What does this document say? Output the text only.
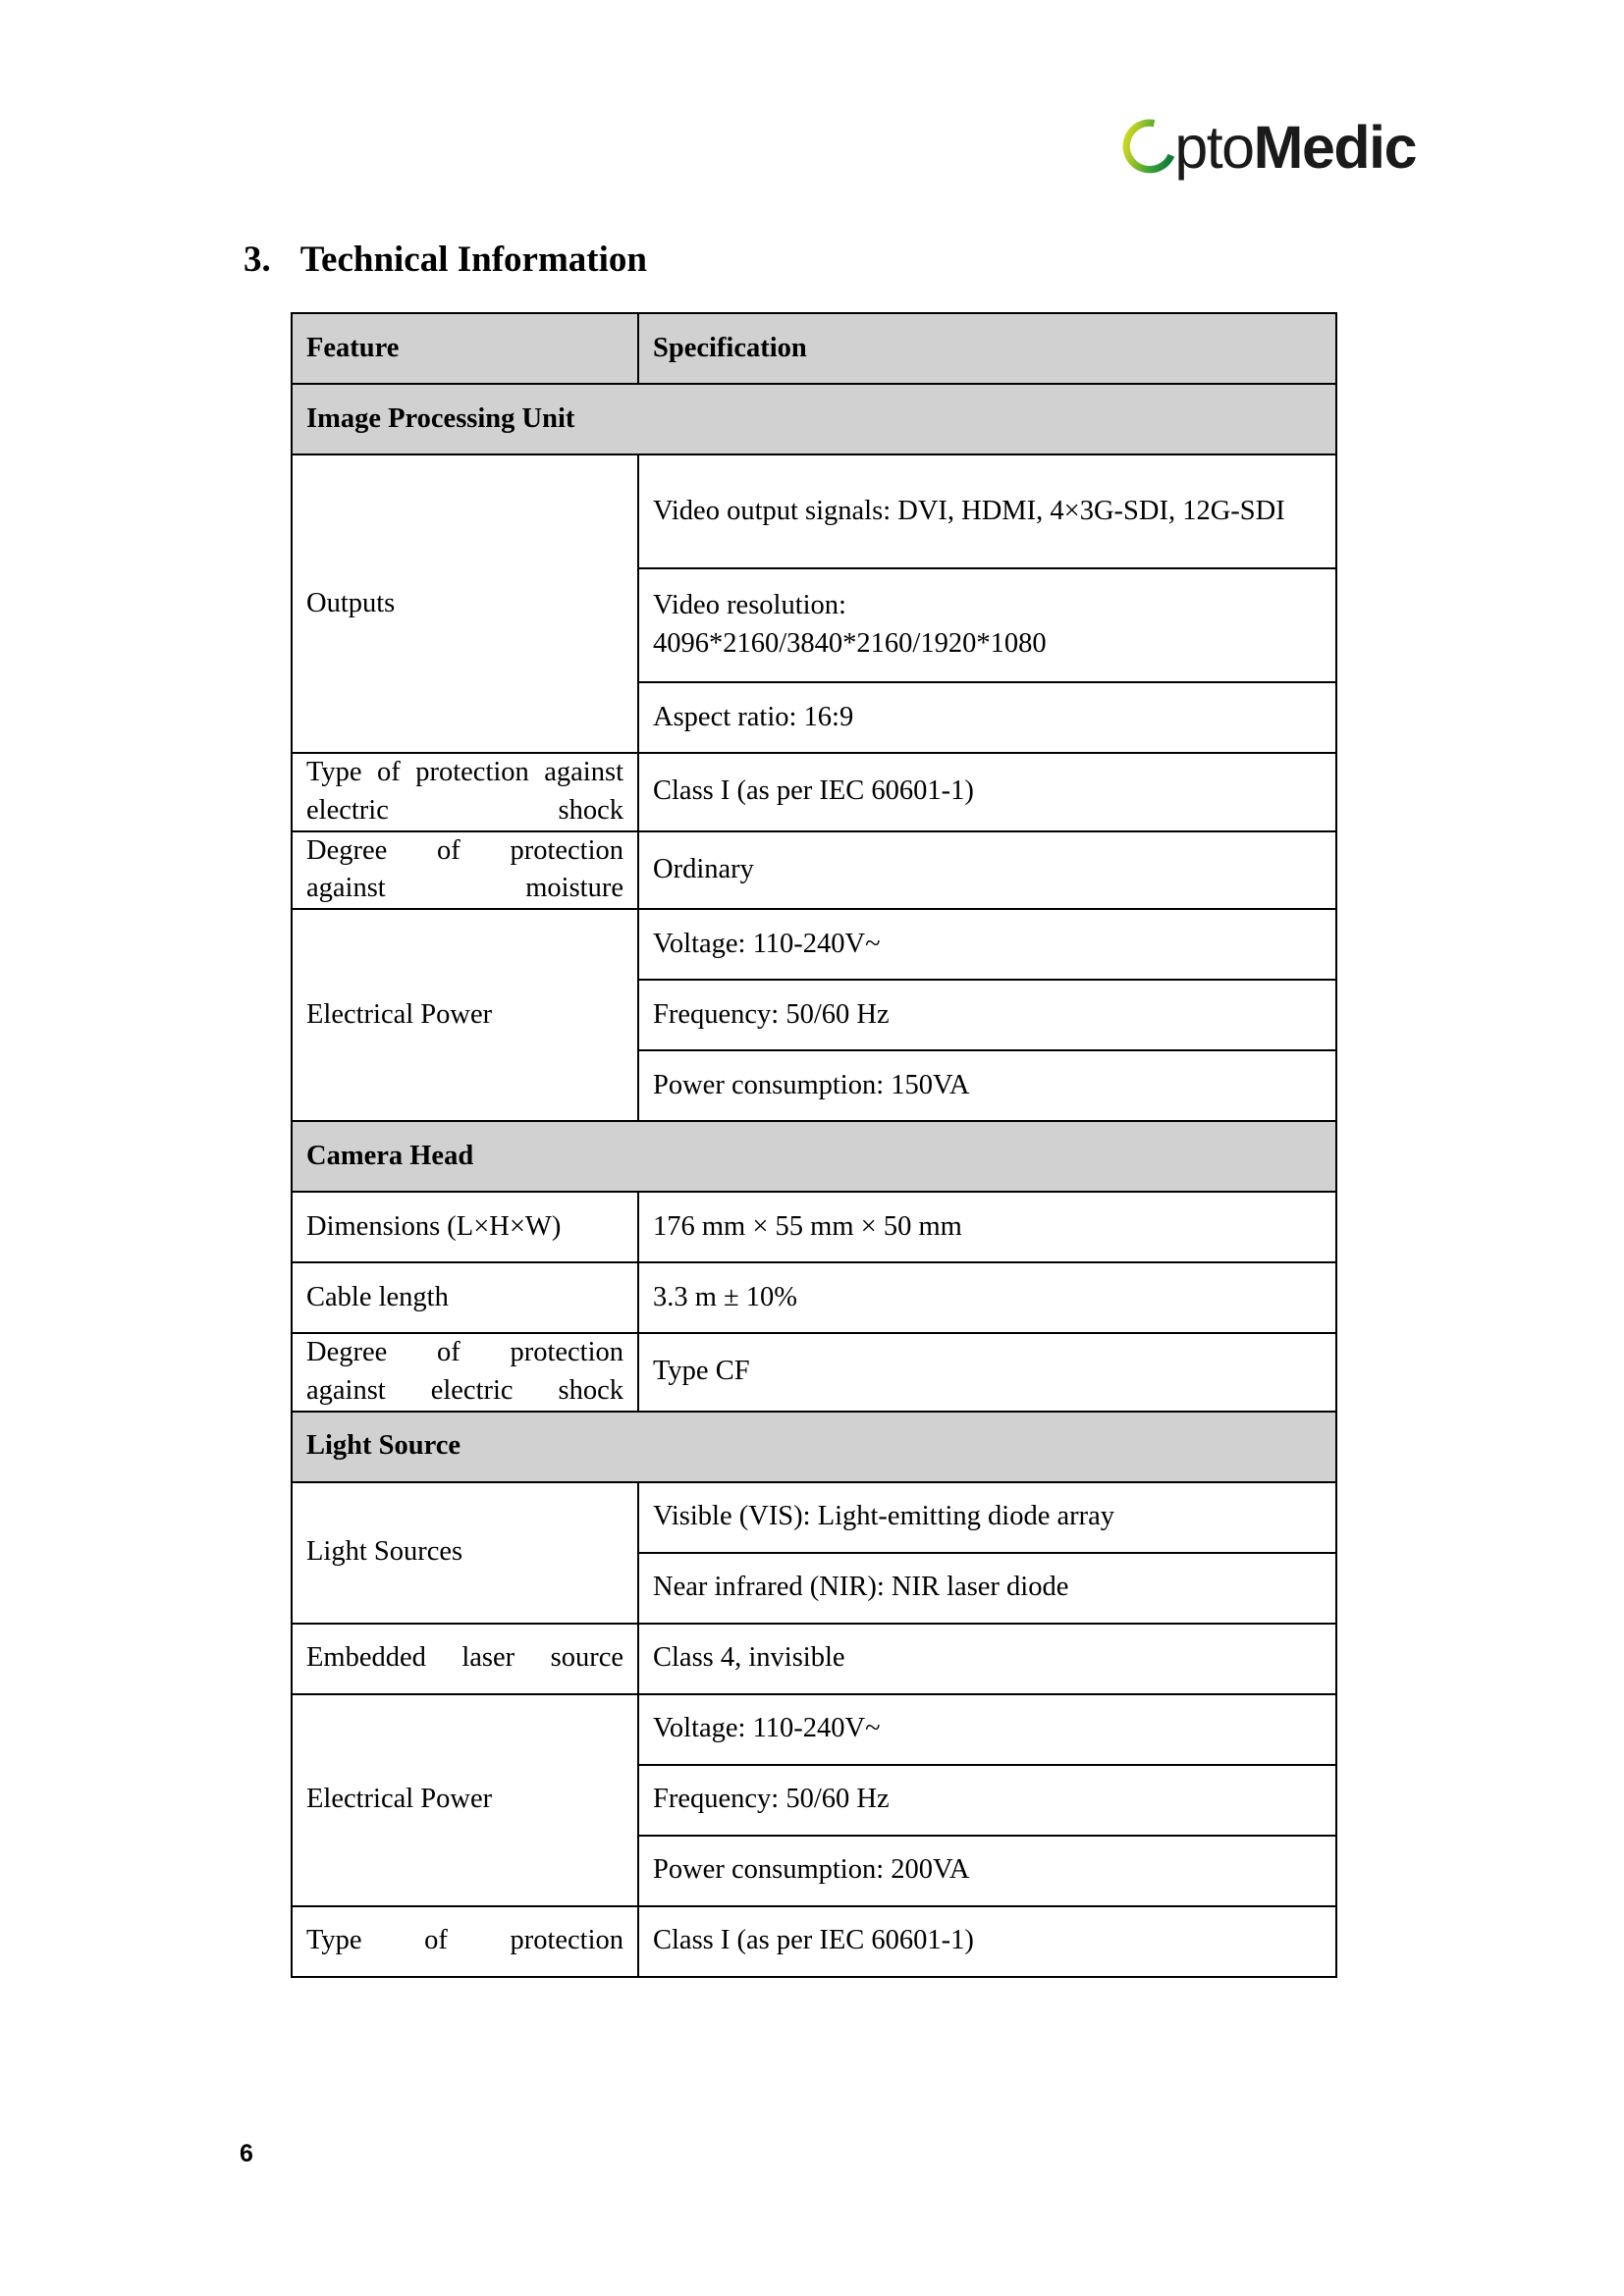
ptoMedic
3. Technical Information
Feature	Specification
Image Processing Unit	
Outputs	Video output signals: DVI, HDMI, 4×3G-SDI, 12G-SDI
	Video resolution:
4096*2160/3840*2160/1920*1080
	Aspect ratio: 16:9
Type of protection against electric shock	Class I (as per IEC 60601-1)
Degree of protection against moisture	Ordinary
Electrical Power	Voltage: 110-240V~
	Frequency: 50/60 Hz
	Power consumption: 150VA
Camera Head	
Dimensions (L×H×W)	176 mm × 55 mm × 50 mm
Cable length	3.3 m ± 10%
Degree of protection against electric shock	Type CF
Light Source	
Light Sources	Visible (VIS): Light-emitting diode array
	Near infrared (NIR): NIR laser diode
Embedded laser source	Class 4, invisible
Electrical Power	Voltage: 110-240V~
	Frequency: 50/60 Hz
	Power consumption: 200VA
Type of protection	Class I (as per IEC 60601-1)
6
